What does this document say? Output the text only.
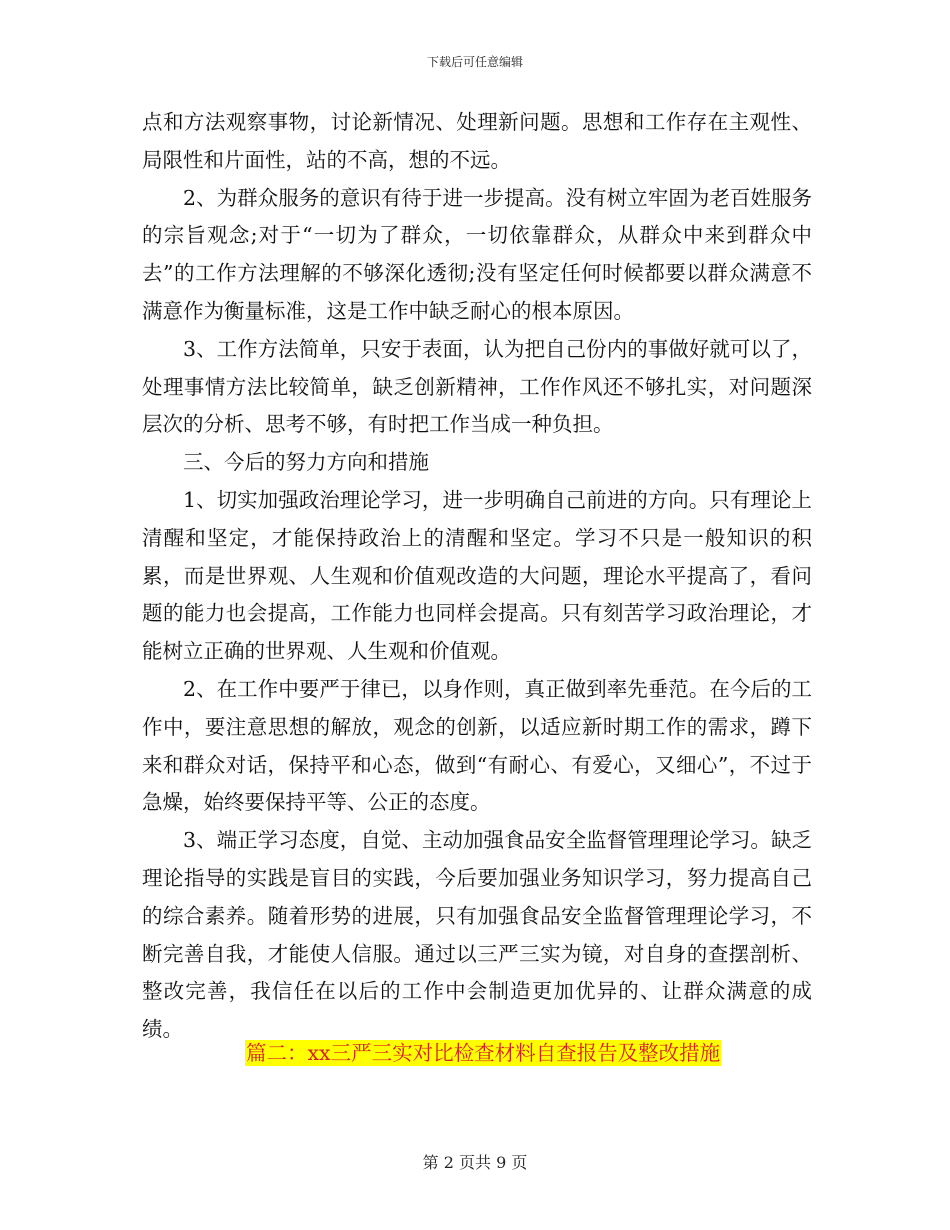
下载后可任意编辑

点和方法观察事物，讨论新情况、处理新问题。思想和工作存在主观性、局限性和片面性，站的不高，想的不远。

2、为群众服务的意识有待于进一步提高。没有树立牢固为老百姓服务的宗旨观念;对于“一切为了群众，一切依靠群众，从群众中来到群众中去”的工作方法理解的不够深化透彻;没有坚定任何时候都要以群众满意不满意作为衡量标准，这是工作中缺乏耐心的根本原因。

3、工作方法简单，只安于表面，认为把自己份内的事做好就可以了，处理事情方法比较简单，缺乏创新精神，工作作风还不够扎实，对问题深层次的分析、思考不够，有时把工作当成一种负担。

三、今后的努力方向和措施

1、切实加强政治理论学习，进一步明确自己前进的方向。只有理论上清醒和坚定，才能保持政治上的清醒和坚定。学习不只是一般知识的积累，而是世界观、人生观和价值观改造的大问题，理论水平提高了，看问题的能力也会提高，工作能力也同样会提高。只有刻苦学习政治理论，才能树立正确的世界观、人生观和价值观。

2、在工作中要严于律已，以身作则，真正做到率先垂范。在今后的工作中，要注意思想的解放，观念的创新，以适应新时期工作的需求，蹲下来和群众对话，保持平和心态，做到“有耐心、有爱心，又细心”，不过于急燥，始终要保持平等、公正的态度。

3、端正学习态度，自觉、主动加强食品安全监督管理理论学习。缺乏理论指导的实践是盲目的实践，今后要加强业务知识学习，努力提高自己的综合素养。随着形势的进展，只有加强食品安全监督管理理论学习，不断完善自我，才能使人信服。通过以三严三实为镜，对自身的查摆剖析、整改完善，我信任在以后的工作中会制造更加优异的、让群众满意的成绩。

篇二：xx三严三实对比检查材料自查报告及整改措施
第 2 页共 9 页
